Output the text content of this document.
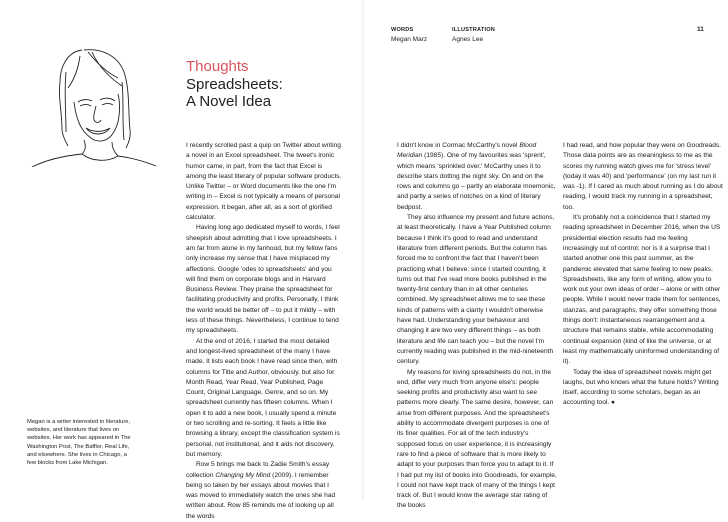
Thoughts
Spreadsheets:
A Novel Idea

I recently scrolled past a quip on Twitter about writing a novel in an Excel spreadsheet. The tweet's ironic humor came, in part, from the fact that Excel is among the least literary of popular software products. Unlike Twitter – or Word documents like the one I'm writing in – Excel is not typically a means of personal expression. It began, after all, as a sort of glorified calculator.

Having long ago dedicated myself to words, I feel sheepish about admitting that I love spreadsheets. I am far from alone in my fanhood, but my fellow fans only increase my sense that I have misplaced my affections. Google 'odes to spreadsheets' and you will find them on corporate blogs and in Harvard Business Review. They praise the spreadsheet for facilitating productivity and profits. Personally, I think the world would be better off – to put it mildly – with less of these things. Nevertheless, I continue to tend my spreadsheets.

At the end of 2016, I started the most detailed and longest-lived spreadsheet of the many I have made. It lists each book I have read since then, with columns for Title and Author, obviously, but also for Month Read, Year Read, Year Published, Page Count, Original Language, Genre, and so on. My spreadsheet currently has fifteen columns. When I open it to add a new book, I usually spend a minute or two scrolling and re-sorting. It feels a little like browsing a library, except the classification system is personal, not institutional, and it aids not discovery, but memory.

Row 5 brings me back to Zadie Smith's essay collection Changing My Mind (2009). I remember being so taken by her essays about movies that I was moved to immediately watch the ones she had written about. Row 85 reminds me of looking up all the words

Megan is a writer interested in literature, websites, and literature that lives on websites. Her work has appeared in The Washington Post, The Baffler, Real Life, and elsewhere. She lives in Chicago, a few blocks from Lake Michigan.
WORDS
Megan Marz
ILLUSTRATION
Agnes Lee
11

I didn't know in Cormac McCarthy's novel Blood Meridian (1985). One of my favourites was 'sprent', which means 'sprinkled over.' McCarthy uses it to describe stars dotting the night sky. On and on the rows and columns go – partly an elaborate mnemonic, and partly a series of notches on a kind of literary bedpost.

They also influence my present and future actions, at least theoretically. I have a Year Published column because I think it's good to read and understand literature from different periods. But the column has forced me to confront the fact that I haven't been practicing what I believe: since I started counting, it turns out that I've read more books published in the twenty-first century than in all other centuries combined. My spreadsheet allows me to see these kinds of patterns with a clarity I wouldn't otherwise have had. Understanding your behaviour and changing it are two very different things – as both literature and life can teach you – but the novel I'm currently reading was published in the mid-nineteenth century.

My reasons for loving spreadsheets do not, in the end, differ very much from anyone else's: people seeking profits and productivity also want to see patterns more clearly. The same desire, however, can arise from different purposes. And the spreadsheet's ability to accommodate divergent purposes is one of its finer qualities. For all of the tech industry's supposed focus on user experience, it is increasingly rare to find a piece of software that is more likely to adapt to your purposes than force you to adapt to it. If I had put my list of books into Goodreads, for example, I could not have kept track of many of the things I kept track of. But I would know the average star rating of the books

I had read, and how popular they were on Goodreads. Those data points are as meaningless to me as the scores my running watch gives me for 'stress level' (today it was 40) and 'performance' (on my last run it was -1). If I cared as much about running as I do about reading, I would track my running in a spreadsheet, too.

It's probably not a coincidence that I started my reading spreadsheet in December 2016, when the US presidential election results had me feeling increasingly out of control; nor is it a surprise that I started another one this past summer, as the pandemic elevated that same feeling to new peaks. Spreadsheets, like any form of writing, allow you to work out your own ideas of order – alone or with other people. While I would never trade them for sentences, stanzas, and paragraphs, they offer something those things don't: instantaneous rearrangement and a structure that remains stable, while accommodating continual expansion (kind of like the universe, or at least my mathematically uninformed understanding of it).

Today the idea of spreadsheet novels might get laughs, but who knows what the future holds? Writing itself, according to some scholars, began as an accounting tool. ●
